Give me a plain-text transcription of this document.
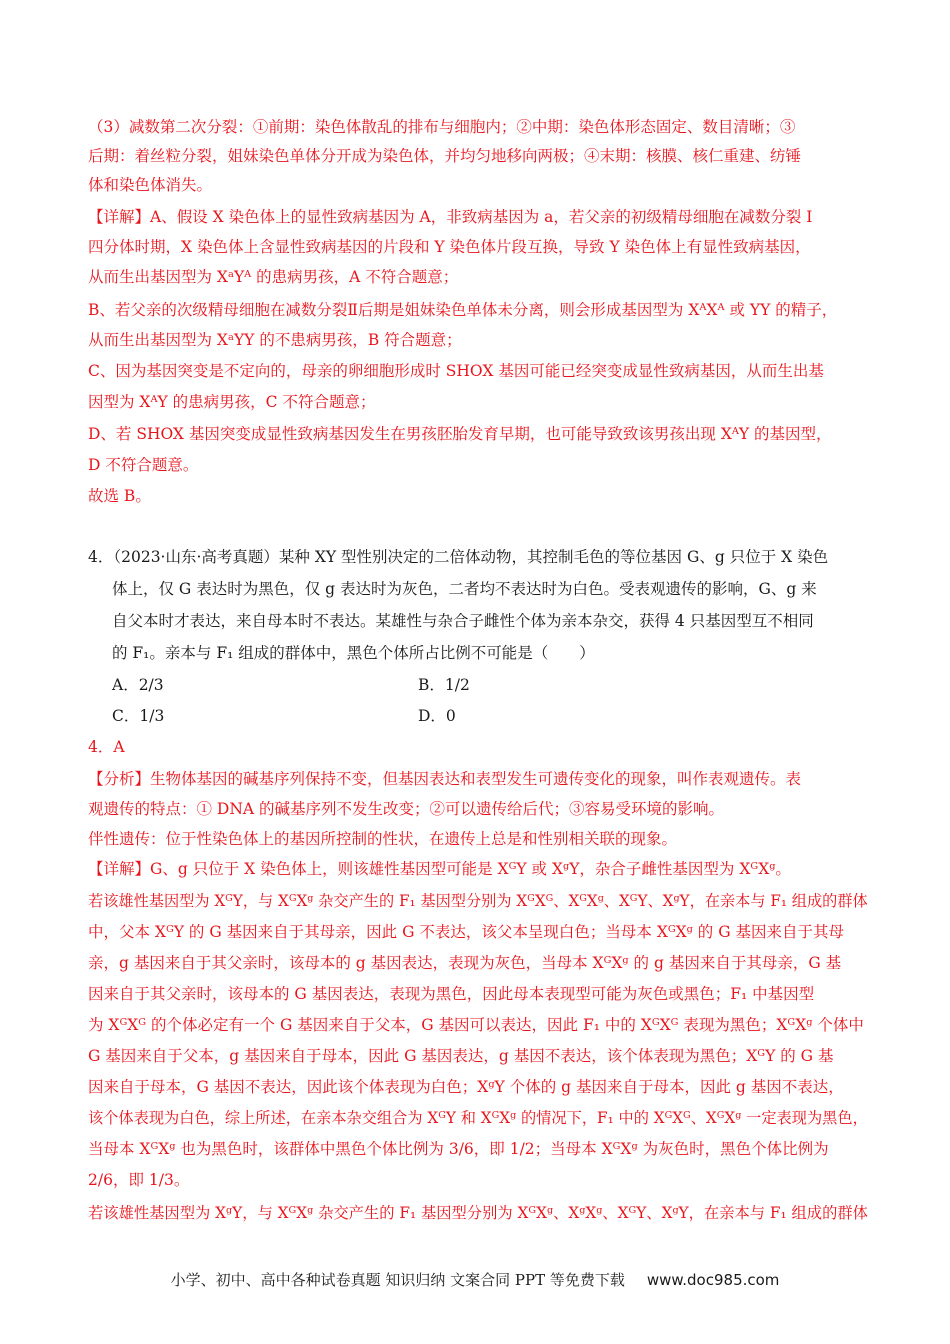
（3）减数第二次分裂：①前期：染色体散乱的排布与细胞内；②中期：染色体形态固定、数目清晰；③

后期：着丝粒分裂，姐妹染色单体分开成为染色体，并均匀地移向两极；④末期：核膜、核仁重建、纺锤

体和染色体消失。

【详解】A、假设 X 染色体上的显性致病基因为 A，非致病基因为 a，若父亲的初级精母细胞在减数分裂 I

四分体时期，X 染色体上含显性致病基因的片段和 Y 染色体片段互换，导致 Y 染色体上有显性致病基因，

从而生出基因型为 XᵃYᴬ 的患病男孩，A 不符合题意；

B、若父亲的次级精母细胞在减数分裂Ⅱ后期是姐妹染色单体未分离，则会形成基因型为 XᴬXᴬ 或 YY 的精子，

从而生出基因型为 XᵃYY 的不患病男孩，B 符合题意；

C、因为基因突变是不定向的，母亲的卵细胞形成时 SHOX 基因可能已经突变成显性致病基因，从而生出基

因型为 XᴬY 的患病男孩，C 不符合题意；

D、若 SHOX 基因突变成显性致病基因发生在男孩胚胎发育早期，也可能导致致该男孩出现 XᴬY 的基因型，

D 不符合题意。

故选 B。

4．（2023·山东·高考真题）某种 XY 型性别决定的二倍体动物，其控制毛色的等位基因 G、g 只位于 X 染色

体上，仅 G 表达时为黑色，仅 g 表达时为灰色，二者均不表达时为白色。受表观遗传的影响，G、g 来

自父本时才表达，来自母本时不表达。某雄性与杂合子雌性个体为亲本杂交，获得 4 只基因型互不相同

的 F₁。亲本与 F₁ 组成的群体中，黑色个体所占比例不可能是（　　）

A．2/3	B．1/2

C．1/3	D．0

4．A

【分析】生物体基因的碱基序列保持不变，但基因表达和表型发生可遗传变化的现象，叫作表观遗传。表

观遗传的特点：① DNA 的碱基序列不发生改变；②可以遗传给后代；③容易受环境的影响。

伴性遗传：位于性染色体上的基因所控制的性状，在遗传上总是和性别相关联的现象。

【详解】G、g 只位于 X 染色体上，则该雄性基因型可能是 XᴳY 或 XᵍY，杂合子雌性基因型为 XᴳXᵍ。

若该雄性基因型为 XᴳY，与 XᴳXᵍ 杂交产生的 F₁ 基因型分别为 XᴳXᴳ、XᴳXᵍ、XᴳY、XᵍY，在亲本与 F₁ 组成的群体

中，父本 XᴳY 的 G 基因来自于其母亲，因此 G 不表达，该父本呈现白色；当母本 XᴳXᵍ 的 G 基因来自于其母

亲，g 基因来自于其父亲时，该母本的 g 基因表达，表现为灰色，当母本 XᴳXᵍ 的 g 基因来自于其母亲，G 基

因来自于其父亲时，该母本的 G 基因表达，表现为黑色，因此母本表现型可能为灰色或黑色；F₁ 中基因型

为 XᴳXᴳ 的个体必定有一个 G 基因来自于父本，G 基因可以表达，因此 F₁ 中的 XᴳXᴳ 表现为黑色；XᴳXᵍ 个体中

G 基因来自于父本，g 基因来自于母本，因此 G 基因表达，g 基因不表达，该个体表现为黑色；XᴳY 的 G 基

因来自于母本，G 基因不表达，因此该个体表现为白色；XᵍY 个体的 g 基因来自于母本，因此 g 基因不表达，

该个体表现为白色，综上所述，在亲本杂交组合为 XᴳY 和 XᴳXᵍ 的情况下，F₁ 中的 XᴳXᴳ、XᴳXᵍ 一定表现为黑色，

当母本 XᴳXᵍ 也为黑色时，该群体中黑色个体比例为 3/6，即 1/2；当母本 XᴳXᵍ 为灰色时，黑色个体比例为

2/6，即 1/3。

若该雄性基因型为 XᵍY，与 XᴳXᵍ 杂交产生的 F₁ 基因型分别为 XᴳXᵍ、XᵍXᵍ、XᴳY、XᵍY，在亲本与 F₁ 组成的群体

小学、初中、高中各种试卷真题 知识归纳 文案合同 PPT 等免费下载 www.doc985.com
